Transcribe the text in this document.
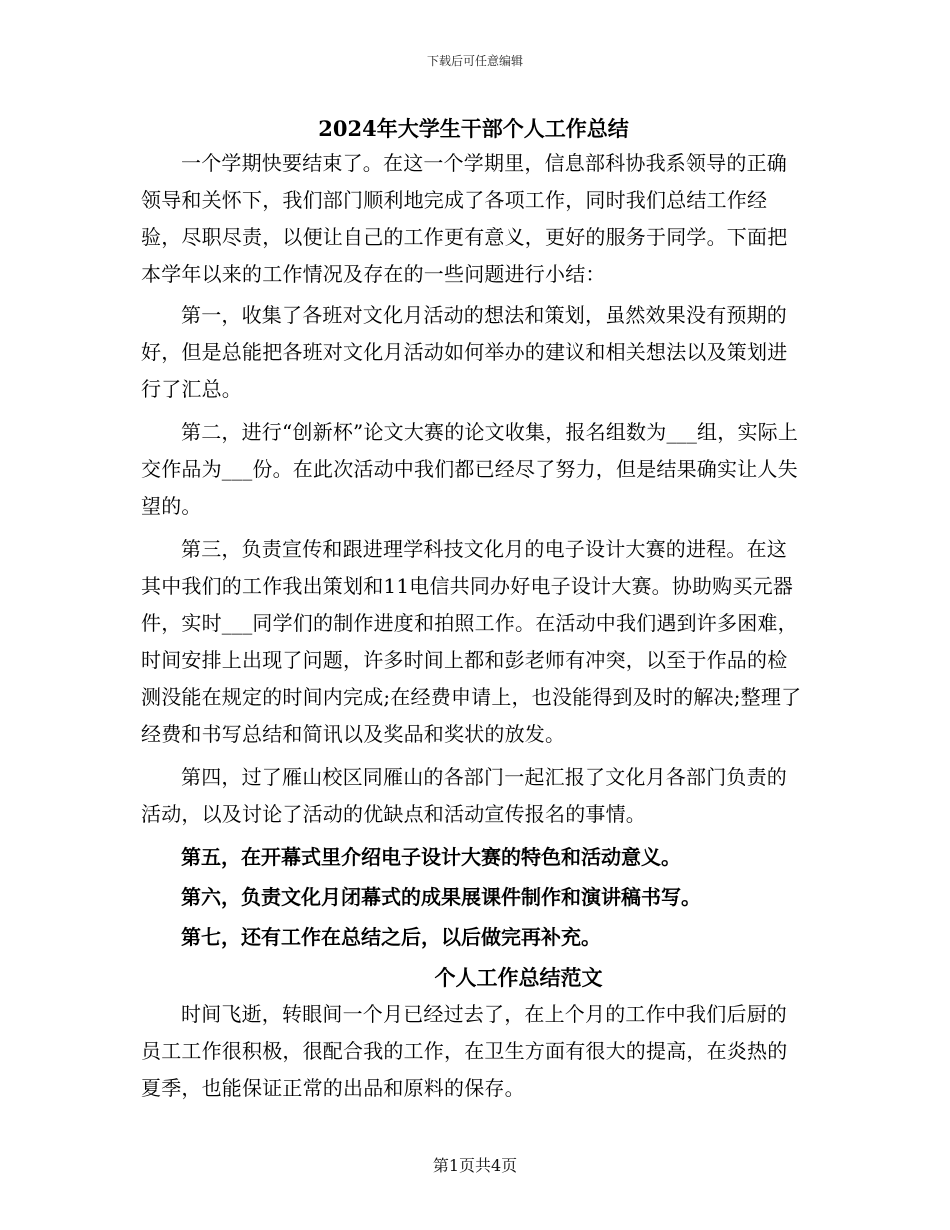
下载后可任意编辑
2024年大学生干部个人工作总结

一个学期快要结束了。在这一个学期里，信息部科协我系领导的正确领导和关怀下，我们部门顺利地完成了各项工作，同时我们总结工作经验，尽职尽责，以便让自己的工作更有意义，更好的服务于同学。下面把本学年以来的工作情况及存在的一些问题进行小结：

第一，收集了各班对文化月活动的想法和策划，虽然效果没有预期的好，但是总能把各班对文化月活动如何举办的建议和相关想法以及策划进行了汇总。

第二，进行“创新杯”论文大赛的论文收集，报名组数为___组，实际上交作品为___份。在此次活动中我们都已经尽了努力，但是结果确实让人失望的。

第三，负责宣传和跟进理学科技文化月的电子设计大赛的进程。在这其中我们的工作我出策划和11电信共同办好电子设计大赛。协助购买元器件，实时___同学们的制作进度和拍照工作。在活动中我们遇到许多困难，时间安排上出现了问题，许多时间上都和彭老师有冲突，以至于作品的检测没能在规定的时间内完成;在经费申请上，也没能得到及时的解决;整理了经费和书写总结和简讯以及奖品和奖状的放发。

第四，过了雁山校区同雁山的各部门一起汇报了文化月各部门负责的活动，以及讨论了活动的优缺点和活动宣传报名的事情。

第五，在开幕式里介绍电子设计大赛的特色和活动意义。
第六，负责文化月闭幕式的成果展课件制作和演讲稿书写。
第七，还有工作在总结之后，以后做完再补充。
个人工作总结范文

时间飞逝，转眼间一个月已经过去了，在上个月的工作中我们后厨的员工工作很积极，很配合我的工作，在卫生方面有很大的提高，在炎热的夏季，也能保证正常的出品和原料的保存。

第1页共4页
